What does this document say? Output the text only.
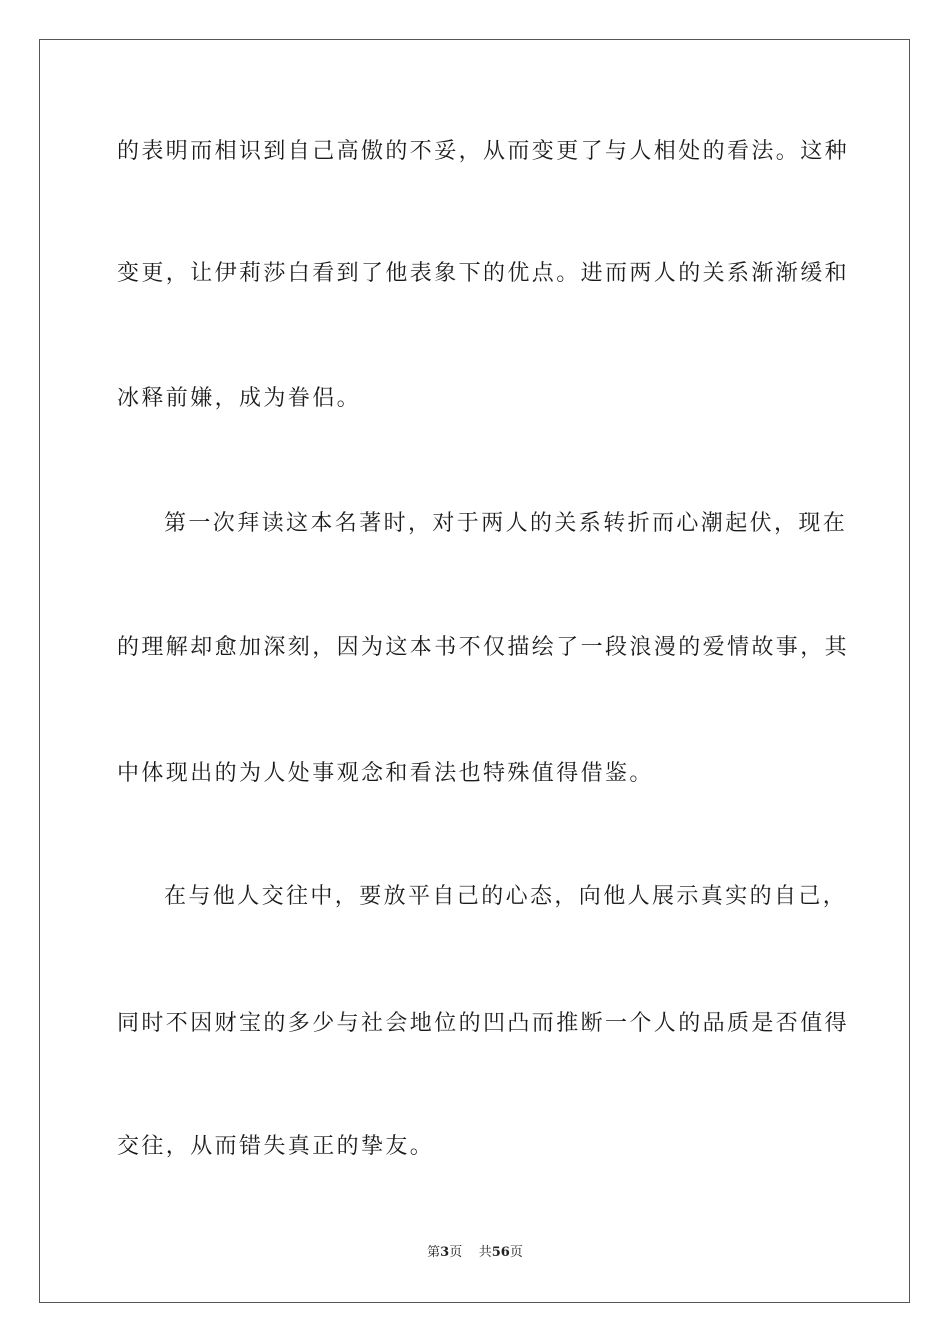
的表明而相识到自己高傲的不妥，从而变更了与人相处的看法。这种

变更，让伊莉莎白看到了他表象下的优点。进而两人的关系渐渐缓和

冰释前嫌，成为眷侣。

第一次拜读这本名著时，对于两人的关系转折而心潮起伏，现在

的理解却愈加深刻，因为这本书不仅描绘了一段浪漫的爱情故事，其

中体现出的为人处事观念和看法也特殊值得借鉴。

在与他人交往中，要放平自己的心态，向他人展示真实的自己，

同时不因财宝的多少与社会地位的凹凸而推断一个人的品质是否值得

交往，从而错失真正的挚友。

第3页 共56页
